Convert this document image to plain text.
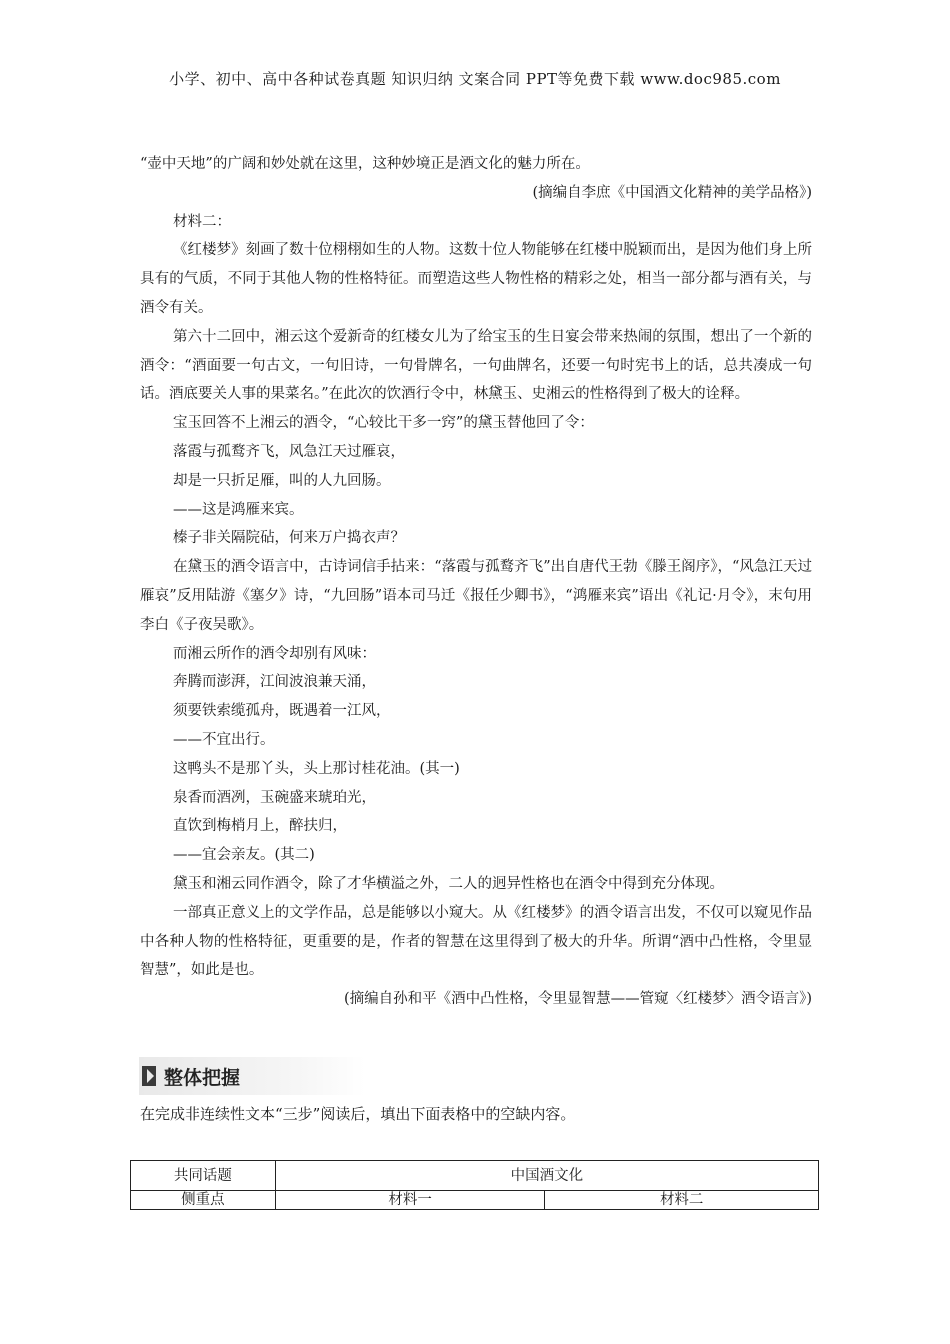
小学、初中、高中各种试卷真题 知识归纳 文案合同 PPT等免费下载 www.doc985.com

“壶中天地”的广阔和妙处就在这里，这种妙境正是酒文化的魅力所在。

(摘编自李庶《中国酒文化精神的美学品格》)

材料二：

《红楼梦》刻画了数十位栩栩如生的人物。这数十位人物能够在红楼中脱颖而出，是因为他们身上所具有的气质，不同于其他人物的性格特征。而塑造这些人物性格的精彩之处，相当一部分都与酒有关，与酒令有关。

第六十二回中，湘云这个爱新奇的红楼女儿为了给宝玉的生日宴会带来热闹的氛围，想出了一个新的酒令：“酒面要一句古文，一句旧诗，一句骨牌名，一句曲牌名，还要一句时宪书上的话，总共凑成一句话。酒底要关人事的果菜名。”在此次的饮酒行令中，林黛玉、史湘云的性格得到了极大的诠释。

宝玉回答不上湘云的酒令，“心较比干多一窍”的黛玉替他回了令：

落霞与孤鹜齐飞，风急江天过雁哀，

却是一只折足雁，叫的人九回肠。

——这是鸿雁来宾。

榛子非关隔院砧，何来万户捣衣声？

在黛玉的酒令语言中，古诗词信手拈来：“落霞与孤鹜齐飞”出自唐代王勃《滕王阁序》，“风急江天过雁哀”反用陆游《塞夕》诗，“九回肠”语本司马迁《报任少卿书》，“鸿雁来宾”语出《礼记·月令》，末句用李白《子夜吴歌》。

而湘云所作的酒令却别有风味：

奔腾而澎湃，江间波浪兼天涌，

须要铁索缆孤舟，既遇着一江风，

——不宜出行。

这鸭头不是那丫头，头上那讨桂花油。(其一)

泉香而酒冽，玉碗盛来琥珀光，

直饮到梅梢月上，醉扶归，

——宜会亲友。(其二)

黛玉和湘云同作酒令，除了才华横溢之外，二人的迥异性格也在酒令中得到充分体现。

一部真正意义上的文学作品，总是能够以小窥大。从《红楼梦》的酒令语言出发，不仅可以窥见作品中各种人物的性格特征，更重要的是，作者的智慧在这里得到了极大的升华。所谓“酒中凸性格，令里显智慧”，如此是也。

(摘编自孙和平《酒中凸性格，令里显智慧——管窥〈红楼梦〉酒令语言》)

整体把握
在完成非连续性文本“三步”阅读后，填出下面表格中的空缺内容。
共同话题	中国酒文化	
侧重点	材料一	材料二
